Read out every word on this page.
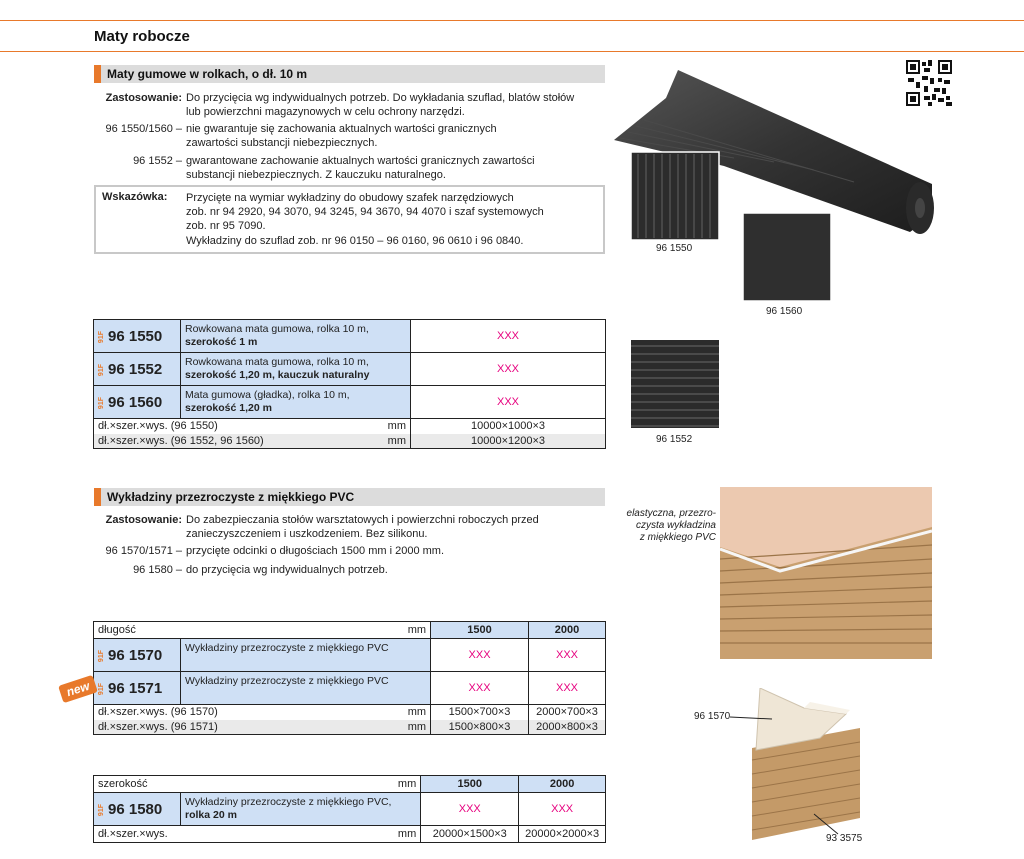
Maty robocze
Maty gumowe w rolkach, o dł. 10 m
Zastosowanie: Do przycięcia wg indywidualnych potrzeb. Do wykładania szuflad, blatów stołów
lub powierzchni magazynowych w celu ochrony narzędzi.
96 1550/1560 – nie gwarantuje się zachowania aktualnych wartości granicznych
zawartości substancji niebezpiecznych.
96 1552 – gwarantowane zachowanie aktualnych wartości granicznych zawartości
substancji niebezpiecznych. Z kauczuku naturalnego.
Wskazówka: Przycięte na wymiar wykładziny do obudowy szafek narzędziowych
zob. nr 94 2920, 94 3070, 94 3245, 94 3670, 94 4070 i szaf systemowych
zob. nr 95 7090.
Wykładziny do szuflad zob. nr 96 0150 – 96 0160, 96 0610 i 96 0840.
91F 96 1550	Rowkowana mata gumowa, rolka 10 m,
szerokość 1 m	XXX
91F 96 1552	Rowkowana mata gumowa, rolka 10 m,
szerokość 1,20 m, kauczuk naturalny	XXX
91F 96 1560	Mata gumowa (gładka), rolka 10 m,
szerokość 1,20 m	XXX
dł.×szer.×wys. (96 1550) mm		10000×1000×3
dł.×szer.×wys. (96 1552, 96 1560) mm		10000×1200×3
96 1550
96 1560
96 1552
Wykładziny przezroczyste z miękkiego PVC
Zastosowanie: Do zabezpieczania stołów warsztatowych i powierzchni roboczych przed
zanieczyszczeniem i uszkodzeniem. Bez silikonu.
96 1570/1571 – przycięte odcinki o długościach 1500 mm i 2000 mm.
96 1580 – do przycięcia wg indywidualnych potrzeb.
długość mm		1500	2000
91F 96 1570	Wykładziny przezroczyste z miękkiego PVC	XXX	XXX
91F 96 1571	Wykładziny przezroczyste z miękkiego PVC	XXX	XXX
dł.×szer.×wys. (96 1570) mm		1500×700×3	2000×700×3
dł.×szer.×wys. (96 1571) mm		1500×800×3	2000×800×3
new
szerokość mm		1500	2000
91F 96 1580	Wykładziny przezroczyste z miękkiego PVC,
rolka 20 m	XXX	XXX
dł.×szer.×wys. mm		20000×1500×3	20000×2000×3
elastyczna, przezro-
czysta wykładzina
z miękkiego PVC
96 1570
93 3575
